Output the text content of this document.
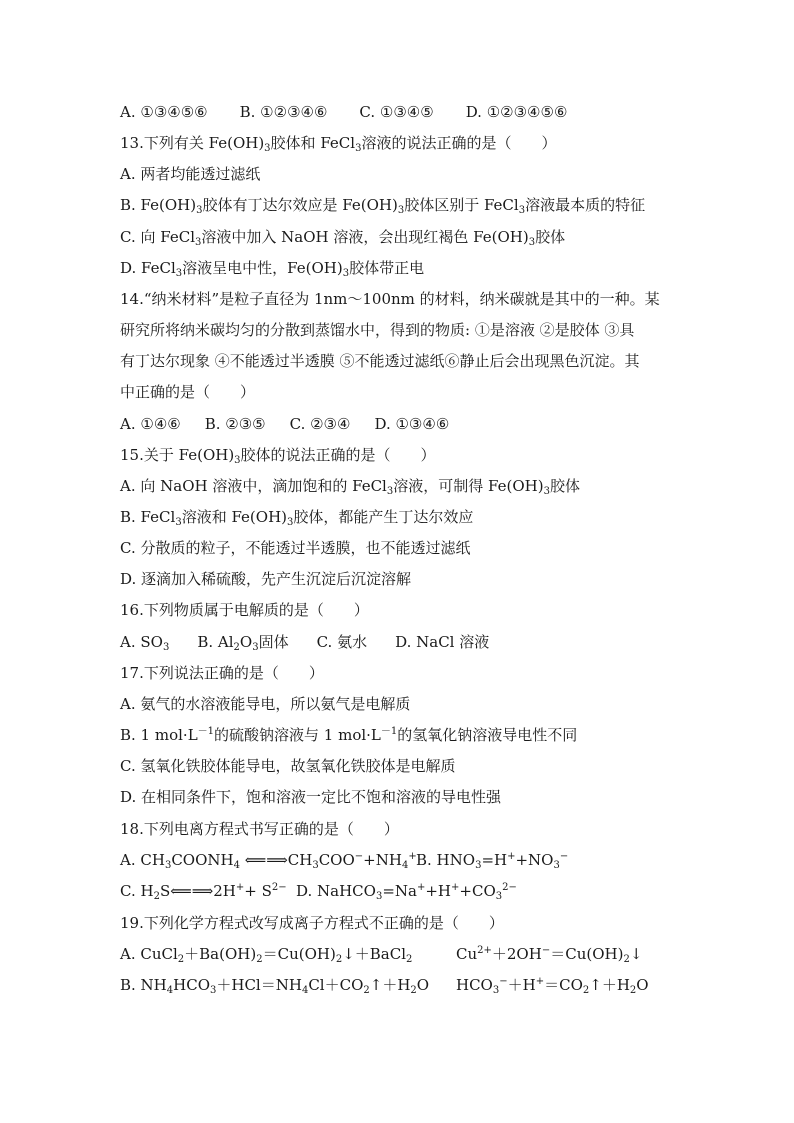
A. ①③④⑤⑥ B. ①②③④⑥ C. ①③④⑤ D. ①②③④⑤⑥
13.下列有关 $Fe(OH)_3$胶体和 FeCl$_3$溶液的说法正确的是（　　）
A. 两者均能透过滤纸
B. $Fe(OH)_3$胶体有丁达尔效应是 $Fe(OH)_3$胶体区别于 FeCl$_3$溶液最本质的特征
C. 向 FeCl$_3$溶液中加入 NaOH 溶液，会出现红褐色 $Fe(OH)_3$胶体
D. FeCl$_3$溶液呈电中性，$Fe(OH)_3$胶体带正电
14.“纳米材料”是粒子直径为 1nm～100nm 的材料，纳米碳就是其中的一种。某
研究所将纳米碳均匀的分散到蒸馏水中，得到的物质: ①是溶液 ②是胶体 ③具
有丁达尔现象 ④不能透过半透膜 ⑤不能透过滤纸⑥静止后会出现黑色沉淀。其
中正确的是（　　）
A. ①④⑥ B. ②③⑤ C. ②③④ D. ①③④⑥
15.关于 $Fe(OH)_3$胶体的说法正确的是（　　）
A. 向 NaOH 溶液中，滴加饱和的 FeCl$_3$溶液，可制得 $Fe(OH)_3$胶体
B. FeCl$_3$溶液和 $Fe(OH)_3$胶体，都能产生丁达尔效应
C. 分散质的粒子，不能透过半透膜，也不能透过滤纸
D. 逐滴加入稀硫酸，先产生沉淀后沉淀溶解
16.下列物质属于电解质的是（　　）
A. $SO_3$ B. $Al_2O_3$固体 C. 氨水 D. NaCl 溶液
17.下列说法正确的是（　　）
A. 氨气的水溶液能导电，所以氨气是电解质
B. 1 $mol\cdot L^{-1}$的硫酸钠溶液与 1 $mol\cdot L^{-1}$的氢氧化钠溶液导电性不同
C. 氢氧化铁胶体能导电，故氢氧化铁胶体是电解质
D. 在相同条件下，饱和溶液一定比不饱和溶液的导电性强
18.下列电离方程式书写正确的是（　　）
A. $CH_3COONH_4$ $⟸⟹CH_3COO^-+NH_4^+$ B. $HNO_3=H^++NO_3^-$
C. $H_2S⟸⟹2H^++ S^{2-}$ D. $NaHCO_3=Na^++H^++CO_3^{2-}$
19.下列化学方程式改写成离子方程式不正确的是（　　）
A. $CuCl_2+Ba(OH)_2=Cu(OH)_2↓+BaCl_2$	$Cu^{2+}+2OH^-=Cu(OH)_2↓$
B. $NH_4HCO_3+HCl=NH_4Cl+CO_2↑+H_2O$ $HCO_3^-+H^+=CO_2↑+H_2O$
